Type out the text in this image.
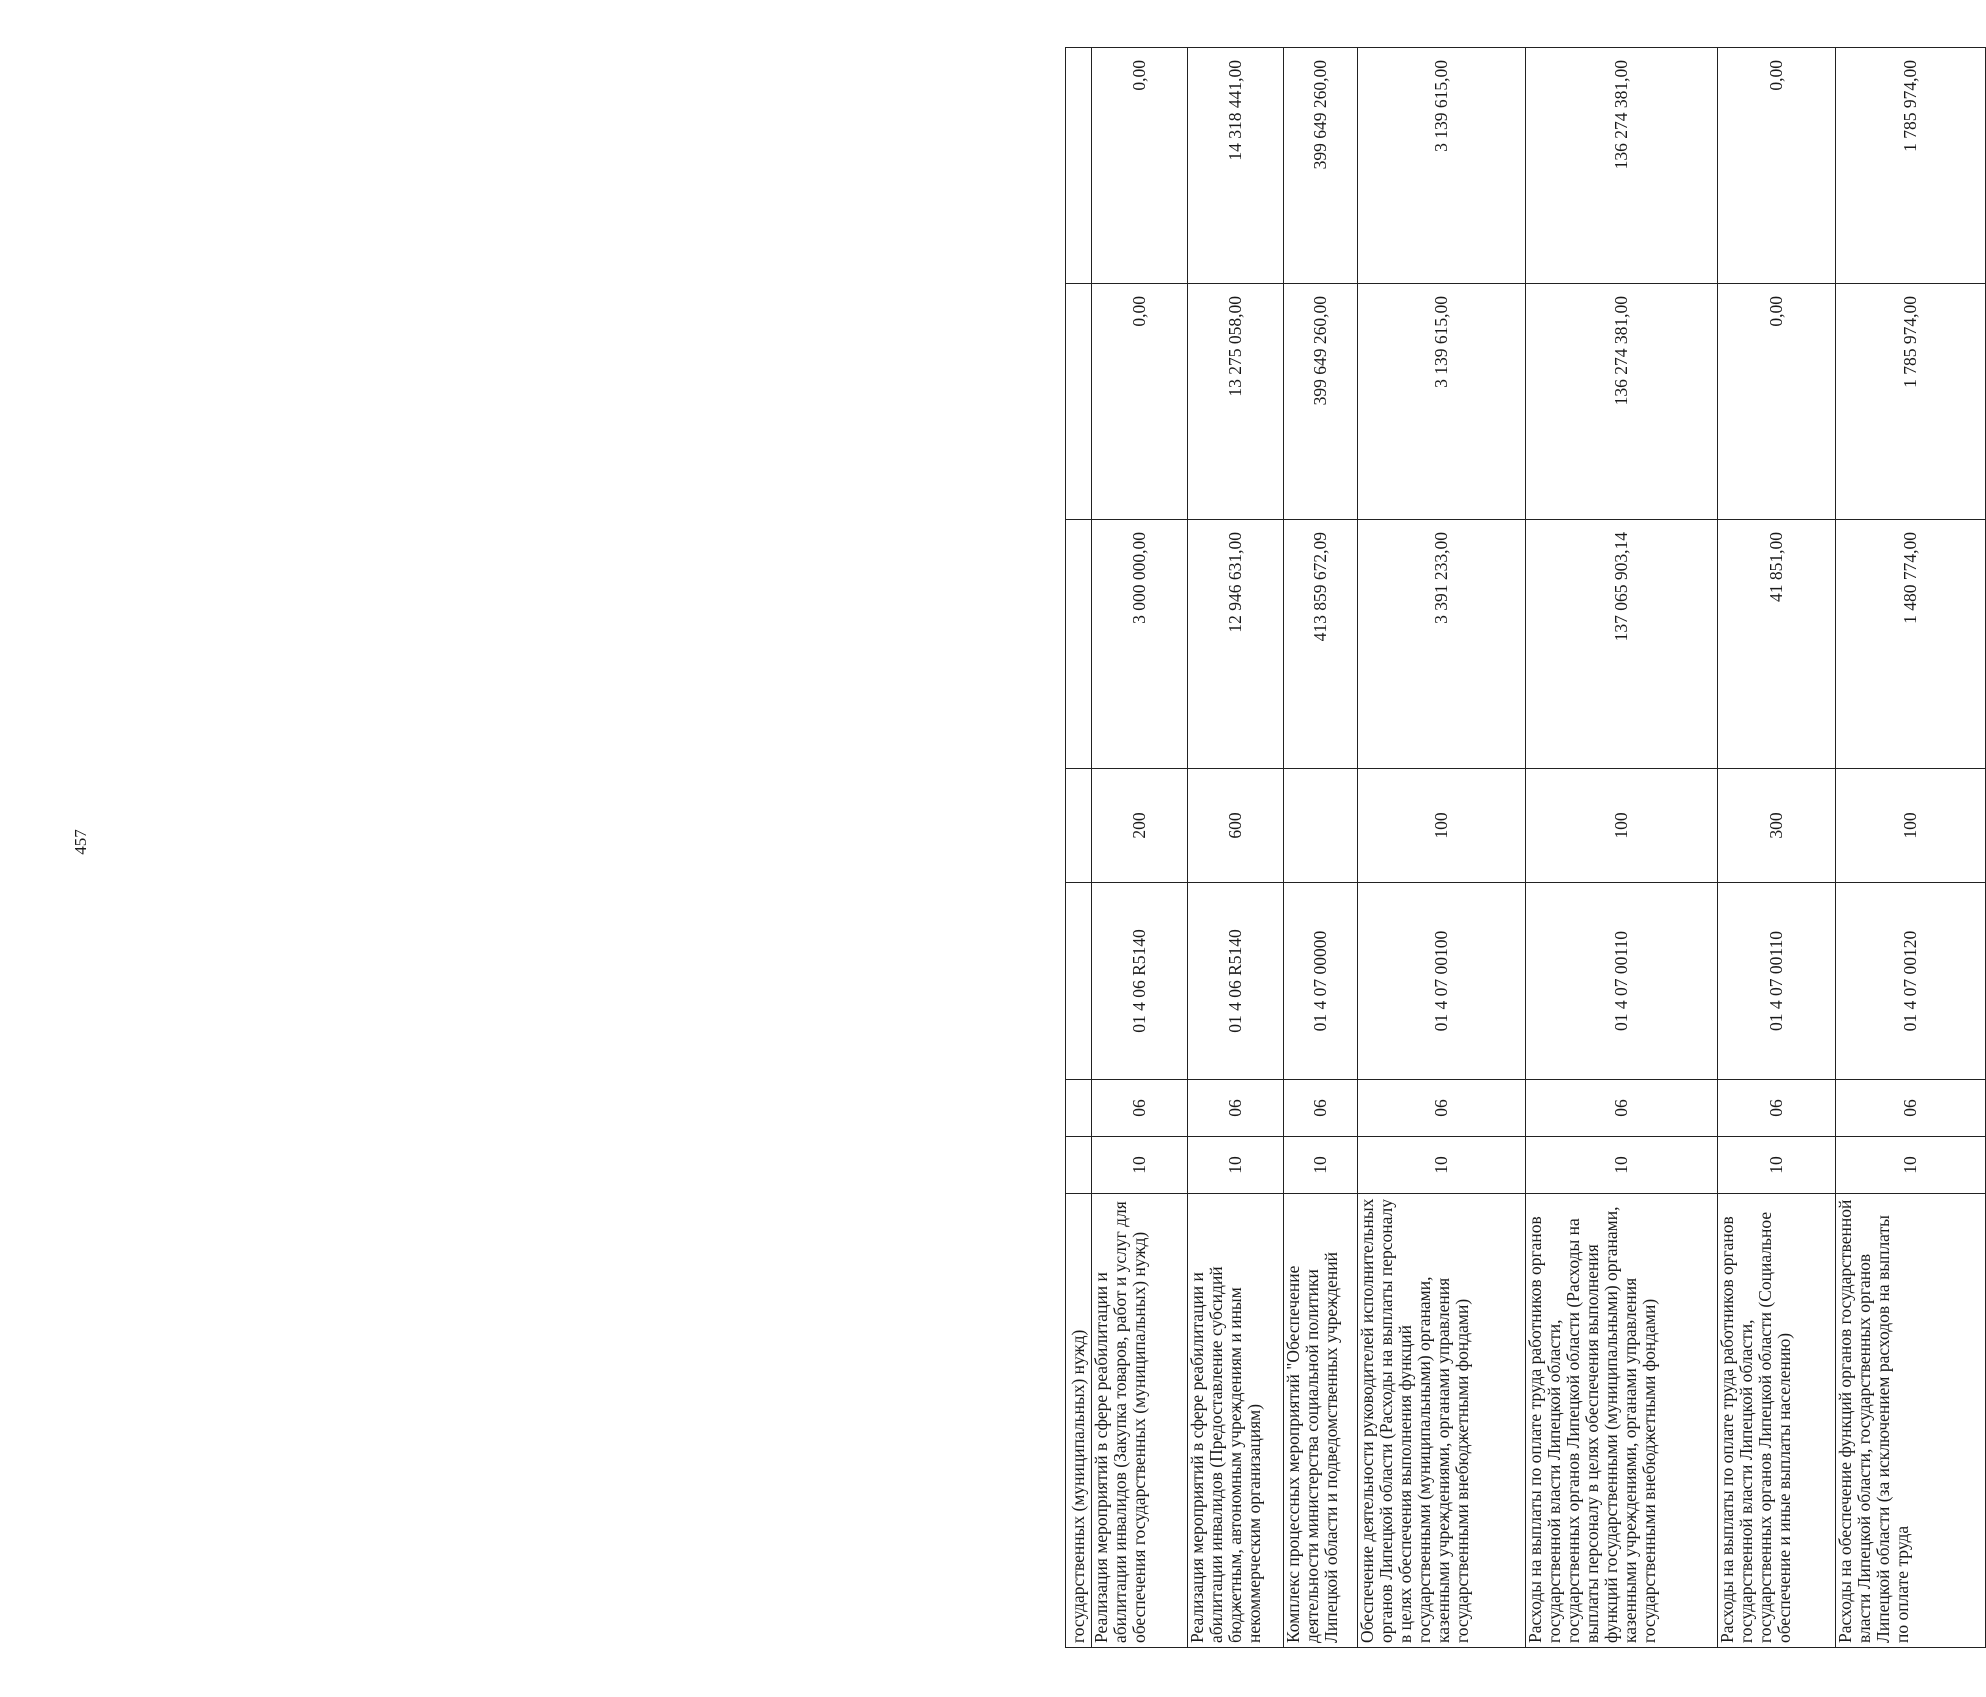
457
государственных (муниципальных) нужд)							
Реализация мероприятий в сфере реабилитации и абилитации инвалидов (Закупка товаров, работ и услуг для обеспечения государственных (муниципальных) нужд)	10	06	01 4 06 R5140	200	3 000 000,00	0,00	0,00
Реализация мероприятий в сфере реабилитации и абилитации инвалидов (Предоставление субсидий бюджетным, автономным учреждениям и иным некоммерческим организациям)	10	06	01 4 06 R5140	600	12 946 631,00	13 275 058,00	14 318 441,00
Комплекс процессных мероприятий "Обеспечение деятельности министерства социальной политики Липецкой области и подведомственных учреждений	10	06	01 4 07 00000		413 859 672,09	399 649 260,00	399 649 260,00
Обеспечение деятельности руководителей исполнительных органов Липецкой области (Расходы на выплаты персоналу в целях обеспечения выполнения функций государственными (муниципальными) органами, казенными учреждениями, органами управления государственными внебюджетными фондами)	10	06	01 4 07 00100	100	3 391 233,00	3 139 615,00	3 139 615,00
Расходы на выплаты по оплате труда работников органов государственной власти Липецкой области, государственных органов Липецкой области (Расходы на выплаты персоналу в целях обеспечения выполнения функций государственными (муниципальными) органами, казенными учреждениями, органами управления государственными внебюджетными фондами)	10	06	01 4 07 00110	100	137 065 903,14	136 274 381,00	136 274 381,00
Расходы на выплаты по оплате труда работников органов государственной власти Липецкой области, государственных органов Липецкой области (Социальное обеспечение и иные выплаты населению)	10	06	01 4 07 00110	300	41 851,00	0,00	0,00
Расходы на обеспечение функций органов государственной власти Липецкой области, государственных органов Липецкой области (за исключением расходов на выплаты по оплате труда	10	06	01 4 07 00120	100	1 480 774,00	1 785 974,00	1 785 974,00
